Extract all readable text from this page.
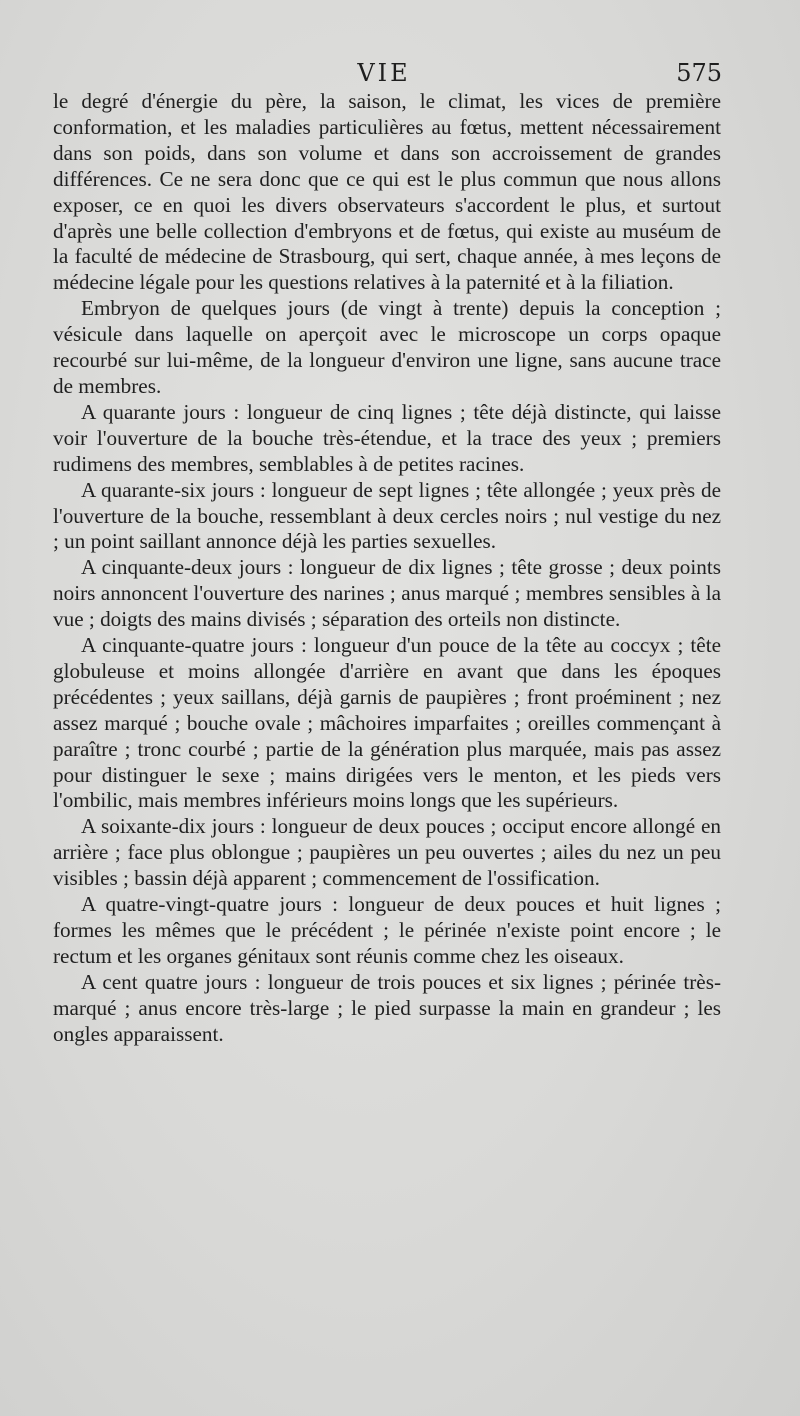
VIE	575

le degré d'énergie du père, la saison, le climat, les vices de première conformation, et les maladies particulières au fœtus, mettent nécessairement dans son poids, dans son volume et dans son accroissement de grandes différences. Ce ne sera donc que ce qui est le plus commun que nous allons exposer, ce en quoi les divers observateurs s'accordent le plus, et surtout d'après une belle collection d'embryons et de fœtus, qui existe au muséum de la faculté de médecine de Strasbourg, qui sert, chaque année, à mes leçons de médecine légale pour les questions relatives à la paternité et à la filiation.

Embryon de quelques jours (de vingt à trente) depuis la conception ; vésicule dans laquelle on aperçoit avec le microscope un corps opaque recourbé sur lui-même, de la longueur d'environ une ligne, sans aucune trace de membres.

A quarante jours : longueur de cinq lignes ; tête déjà distincte, qui laisse voir l'ouverture de la bouche très-étendue, et la trace des yeux ; premiers rudimens des membres, semblables à de petites racines.

A quarante-six jours : longueur de sept lignes ; tête allongée ; yeux près de l'ouverture de la bouche, ressemblant à deux cercles noirs ; nul vestige du nez ; un point saillant annonce déjà les parties sexuelles.

A cinquante-deux jours : longueur de dix lignes ; tête grosse ; deux points noirs annoncent l'ouverture des narines ; anus marqué ; membres sensibles à la vue ; doigts des mains divisés ; séparation des orteils non distincte.

A cinquante-quatre jours : longueur d'un pouce de la tête au coccyx ; tête globuleuse et moins allongée d'arrière en avant que dans les époques précédentes ; yeux saillans, déjà garnis de paupières ; front proéminent ; nez assez marqué ; bouche ovale ; mâchoires imparfaites ; oreilles commençant à paraître ; tronc courbé ; partie de la génération plus marquée, mais pas assez pour distinguer le sexe ; mains dirigées vers le menton, et les pieds vers l'ombilic, mais membres inférieurs moins longs que les supérieurs.

A soixante-dix jours : longueur de deux pouces ; occiput encore allongé en arrière ; face plus oblongue ; paupières un peu ouvertes ; ailes du nez un peu visibles ; bassin déjà apparent ; commencement de l'ossification.

A quatre-vingt-quatre jours : longueur de deux pouces et huit lignes ; formes les mêmes que le précédent ; le périnée n'existe point encore ; le rectum et les organes génitaux sont réunis comme chez les oiseaux.

A cent quatre jours : longueur de trois pouces et six lignes ; périnée très-marqué ; anus encore très-large ; le pied surpasse la main en grandeur ; les ongles apparaissent.
